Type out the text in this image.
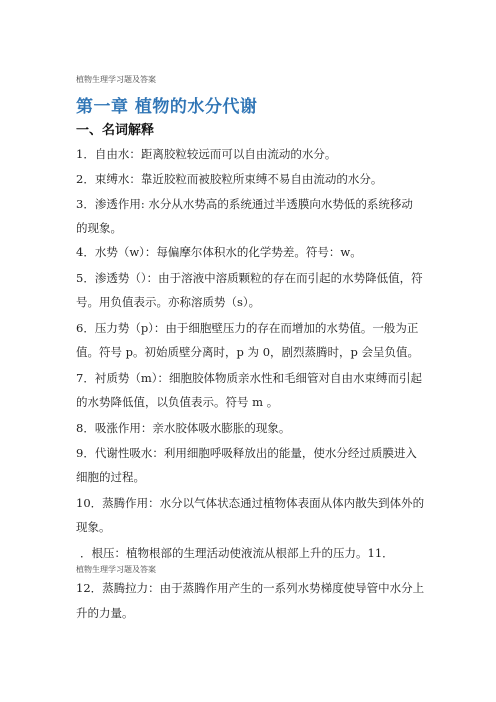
植物生理学习题及答案
第一章 植物的水分代谢
一、名词解释
1．自由水：距离胶粒较远而可以自由流动的水分。
2．束缚水：靠近胶粒而被胶粒所束缚不易自由流动的水分。
3．渗透作用: 水分从水势高的系统通过半透膜向水势低的系统移动
的现象。
4．水势（w）：每偏摩尔体积水的化学势差。符号：w。
5．渗透势（）：由于溶液中溶质颗粒的存在而引起的水势降低值，符
号。用负值表示。亦称溶质势（s）。
6．压力势（p）：由于细胞壁压力的存在而增加的水势值。一般为正
值。符号 p。初始质壁分离时，p 为 0，剧烈蒸腾时，p 会呈负值。
7．衬质势（m）：细胞胶体物质亲水性和毛细管对自由水束缚而引起
的水势降低值，以负值表示。符号 m 。
8．吸涨作用：亲水胶体吸水膨胀的现象。
9．代谢性吸水：利用细胞呼吸释放出的能量，使水分经过质膜进入
细胞的过程。
10．蒸腾作用：水分以气体状态通过植物体表面从体内散失到体外的
现象。
．根压：植物根部的生理活动使液流从根部上升的压力。11．
植物生理学习题及答案
12．蒸腾拉力：由于蒸腾作用产生的一系列水势梯度使导管中水分上
升的力量。
